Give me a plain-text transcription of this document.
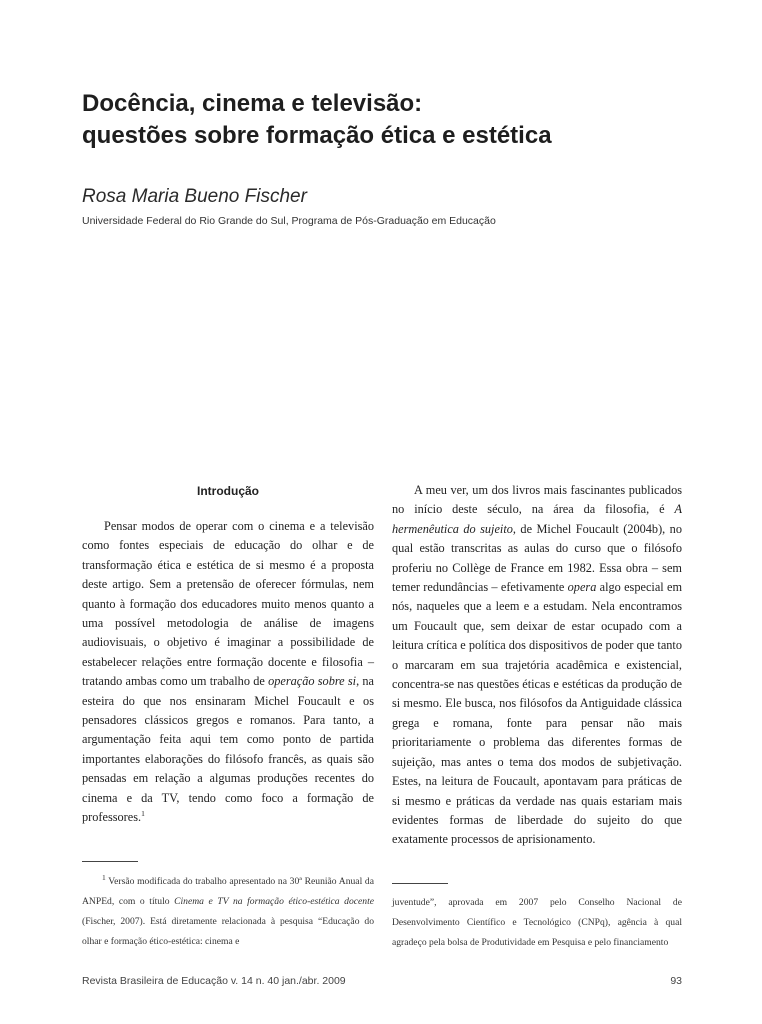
Docência, cinema e televisão:
questões sobre formação ética e estética
Rosa Maria Bueno Fischer
Universidade Federal do Rio Grande do Sul, Programa de Pós-Graduação em Educação
Introdução

Pensar modos de operar com o cinema e a televisão como fontes especiais de educação do olhar e de transformação ética e estética de si mesmo é a proposta deste artigo. Sem a pretensão de oferecer fórmulas, nem quanto à formação dos educadores muito menos quanto a uma possível metodologia de análise de imagens audiovisuais, o objetivo é imaginar a possibilidade de estabelecer relações entre formação docente e filosofia – tratando ambas como um trabalho de operação sobre si, na esteira do que nos ensinaram Michel Foucault e os pensadores clássicos gregos e romanos. Para tanto, a argumentação feita aqui tem como ponto de partida importantes elaborações do filósofo francês, as quais são pensadas em relação a algumas produções recentes do cinema e da TV, tendo como foco a formação de professores.$^1$

A meu ver, um dos livros mais fascinantes publicados no início deste século, na área da filosofia, é A hermenêutica do sujeito, de Michel Foucault (2004b), no qual estão transcritas as aulas do curso que o filósofo proferiu no Collège de France em 1982. Essa obra – sem temer redundâncias – efetivamente opera algo especial em nós, naqueles que a leem e a estudam. Nela encontramos um Foucault que, sem deixar de estar ocupado com a leitura crítica e política dos dispositivos de poder que tanto o marcaram em sua trajetória acadêmica e existencial, concentra-se nas questões éticas e estéticas da produção de si mesmo. Ele busca, nos filósofos da Antiguidade clássica grega e romana, fonte para pensar não mais prioritariamente o problema das diferentes formas de sujeição, mas antes o tema dos modos de subjetivação. Estes, na leitura de Foucault, apontavam para práticas de si mesmo e práticas da verdade nas quais estariam mais evidentes formas de liberdade do sujeito do que exatamente processos de aprisionamento.

$^1$ Versão modificada do trabalho apresentado na 30ª Reunião Anual da ANPEd, com o título Cinema e TV na formação ético-estética docente (Fischer, 2007). Está diretamente relacionada à pesquisa “Educação do olhar e formação ético-estética: cinema e

juventude”, aprovada em 2007 pelo Conselho Nacional de Desenvolvimento Científico e Tecnológico (CNPq), agência à qual agradeço pela bolsa de Produtividade em Pesquisa e pelo financiamento

Revista Brasileira de Educação v. 14 n. 40 jan./abr. 2009	93
